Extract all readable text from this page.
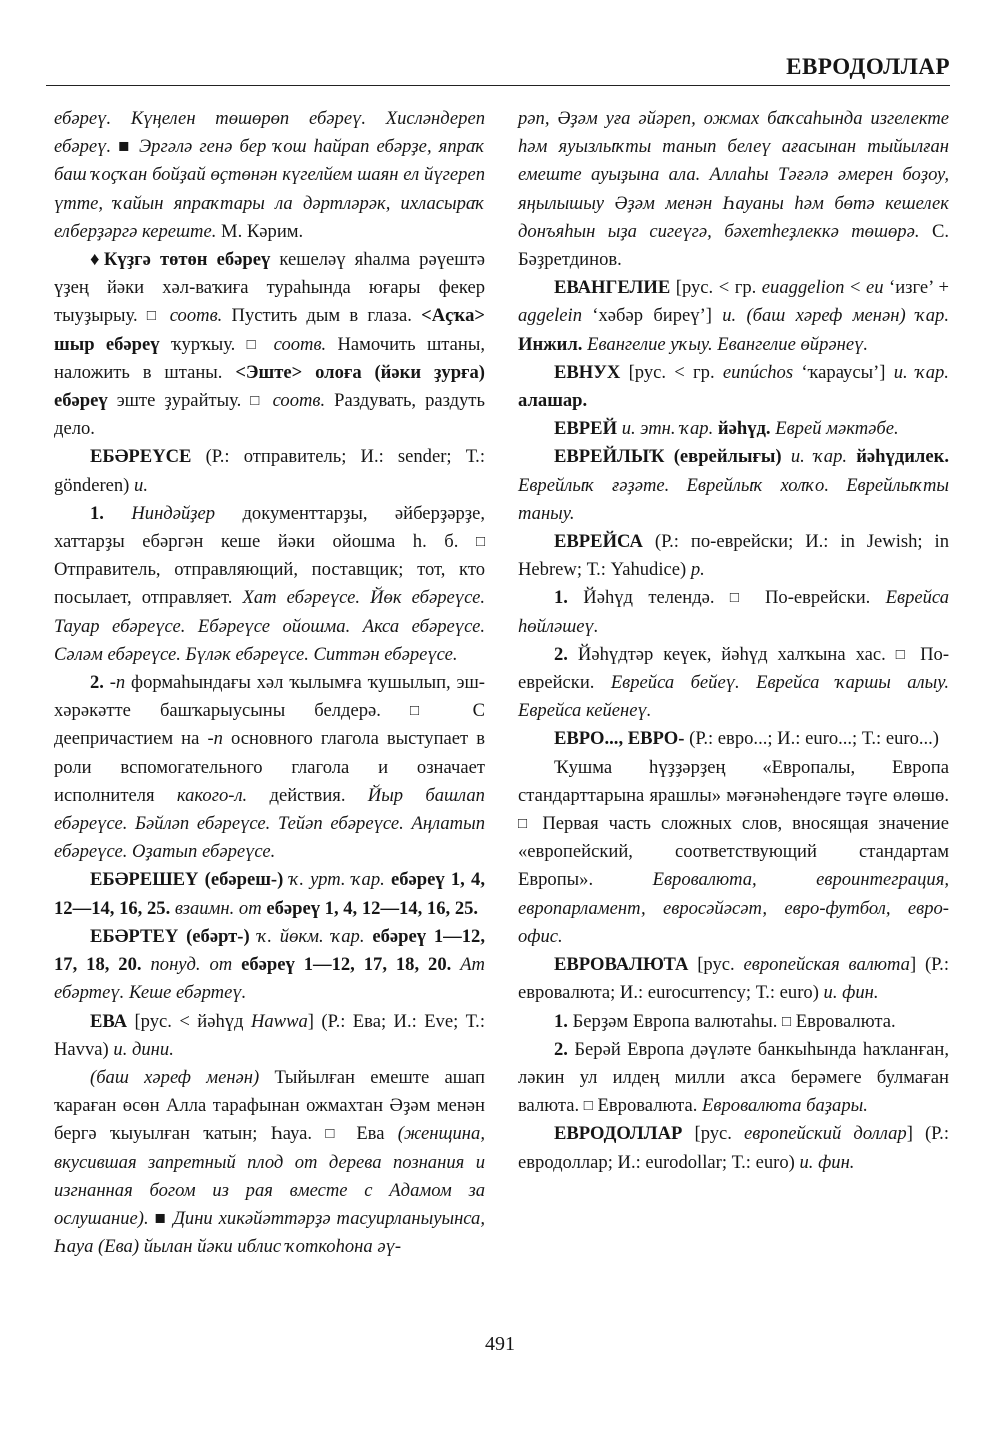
ЕВРОДОЛЛАР

ебәреү. Күңелен төшөрөп ебәреү. Хисләндереп ебәреү. ■ Эргәлә генә бер ҡош һайрап ебәрҙе, япраҡ баш ҡоҫҡан бойҙай өҫтөнән күгелйем шаян ел йүгереп үтте, ҡайын япраҡтары ла дәртләрәк, ихласыраҡ елберҙәргә кереште. М. Кәрим.

♦Күҙгә төтөн ебәреү кешеләү яһалма рәүештә үҙең йәки хәл-ваҡиға тураһында юғары фекер тыуҙырыу. □ соотв. Пустить дым в глаза. <Аҫҡа> шыр ебәреү ҡурҡыу. □ соотв. Намочить штаны, наложить в штаны. <Эште> олоға (йәки ҙурға) ебәреү эште ҙурайтыу. □ соотв. Раздувать, раздуть дело.

ЕБӘРЕҮСЕ (Р.: отправитель; И.: sender; Т.: gönderen) и.

1. Ниндәйҙер документтарҙы, әйберҙәрҙе, хаттарҙы ебәргән кеше йәки ойошма һ. б. □ Отправитель, отправляющий, поставщик; тот, кто посылает, отправляет. Хат ебәреүсе. Йөк ебәреүсе. Тауар ебәреүсе. Ебәреүсе ойошма. Акса ебәреүсе. Сәләм ебәреүсе. Бүләк ебәреүсе. Ситтән ебәреүсе.

2. -п формаһындағы хәл ҡылымға ҡушылып, эш-хәрәкәтте башҡарыусыны белдерә. □ С деепричастием на -п основного глагола выступает в роли вспомогательного глагола и означает исполнителя какого-л. действия. Йыр башлап ебәреүсе. Бәйләп ебәреүсе. Тейәп ебәреүсе. Аңлатып ебәреүсе. Оҙатып ебәреүсе.

ЕБӘРЕШЕҮ (ебәреш-) ҡ. урт. ҡар. ебәреү 1, 4, 12—14, 16, 25. взаимн. от ебәреү 1, 4, 12—14, 16, 25.

ЕБӘРТЕҮ (ебәрт-) ҡ. йөкм. ҡар. ебәреү 1—12, 17, 18, 20. понуд. от ебәреү 1—12, 17, 18, 20. Ат ебәртеү. Кеше ебәртеү.

ЕВА [рус. < йәһүд Hawwa] (Р.: Ева; И.: Eve; Т.: Havva) и. дини.

(баш хәреф менән) Тыйылған емеште ашап ҡараған өсөн Алла тарафынан ожмахтан Әҙәм менән бергә ҡыуылған ҡатын; Һауа. □ Ева (женщина, вкусившая запретный плод от дерева познания и изгнанная богом из рая вместе с Адамом за ослушание). ■ Дини хикәйәттәрҙә тасуирланыуынса, Һауа (Ева) йылан йәки иблис ҡоткоһона әү-

рәп, Әҙәм уға әйәреп, ожмах баҡсаһында изгелекте һәм яуызлыҡты танып белеү ағасынан тыйылған емеште ауыҙына ала. Аллаһы Тәғәлә әмерен боҙоу, яңылышыу Әҙәм менән Һауаны һәм бөтә кешелек донъяһын ыҙа сигеүгә, бәхетһеҙлеккә төшөрә. С. Бәҙретдинов.

ЕВАНГЕЛИЕ [рус. < гр. euaggelion < eu ‘изге’ + aggelein ‘хәбәр биреү’] и. (баш хәреф менән) ҡар. Инжил. Евангелие уҡыу. Евангелие өйрәнеү.

ЕВНУХ [рус. < гр. eunúchos ‘ҡараусы’] и. ҡар. алашар.

ЕВРЕЙ и. этн. ҡар. йәһүд. Еврей мәктәбе.

ЕВРЕЙЛЫҠ (еврейлығы) и. ҡар. йәһүдилек. Еврейлыҡ ғәҙәте. Еврейлыҡ холҡо. Еврейлыҡты таныу.

ЕВРЕЙСА (Р.: по-еврейски; И.: in Jewish; in Hebrew; Т.: Yahudice) р.

1. Йәһүд телендә. □ По-еврейски. Еврейса һөйләшеү.

2. Йәһүдтәр кеүек, йәһүд халҡына хас. □ По-еврейски. Еврейса бейеү. Еврейса ҡаршы алыу. Еврейса кейенеү.

ЕВРО..., ЕВРО- (Р.: евро...; И.: euro...; Т.: euro...)

Ҡушма һүҙҙәрҙең «Европалы, Европа стандарттарына ярашлы» мәғәнәһендәге тәүге өлөшө. □ Первая часть сложных слов, вносящая значение «европейский, соответствующий стандартам Европы».	Евровалюта, евроинтеграция, европарламент, евросәйәсәт, евро-футбол, евро-офис.

ЕВРОВАЛЮТА [рус. европейская валюта] (Р.: евровалюта; И.: eurocurrency; Т.: euro) и. фин.

1. Берҙәм Европа валютаһы. □ Евровалюта.

2. Берәй Европа дәүләте банкыһында һаҡланған, ләкин ул илдең милли аҡса берәмеге булмаған валюта. □ Евровалюта. Евровалюта баҙары.

ЕВРОДОЛЛАР [рус. европейский доллар] (Р.: евродоллар; И.: eurodollar; Т.: euro) и. фин.

491
